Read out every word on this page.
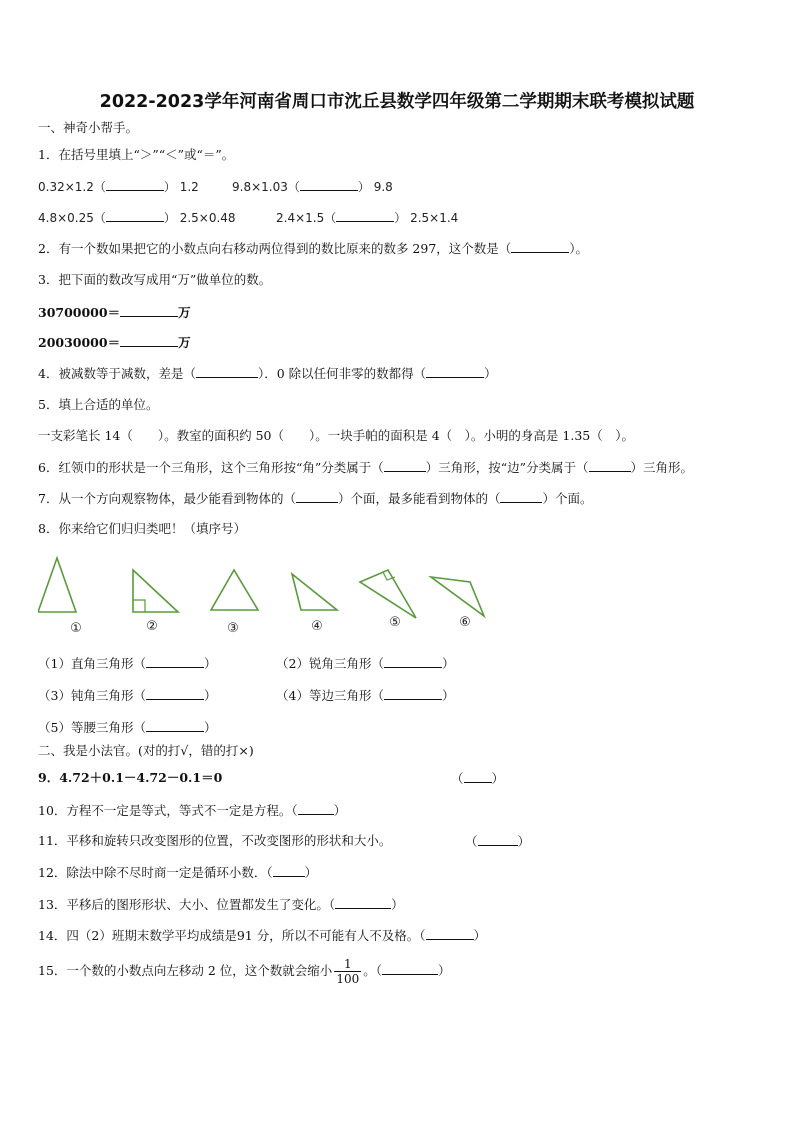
2022-2023学年河南省周口市沈丘县数学四年级第二学期期末联考模拟试题
一、神奇小帮手。
1．在括号里填上“＞”“＜”或“＝”。
0.32×1.2（	） 1.2	9.8×1.03（	） 9.8
4.8×0.25（	） 2.5×0.48	2.4×1.5（	） 2.5×1.4
2．有一个数如果把它的小数点向右移动两位得到的数比原来的数多 297，这个数是（	）。
3．把下面的数改写成用“万”做单位的数。
30700000＝	万
20030000＝	万
4．被减数等于减数，差是（	）．0 除以任何非零的数都得（	）
5．填上合适的单位。
一支彩笔长 14（　　）。教室的面积约 50（　　）。一块手帕的面积是 4（　）。小明的身高是 1.35（　）。
6．红领巾的形状是一个三角形，这个三角形按“角”分类属于（	）三角形，按“边”分类属于（	）三角形。
7．从一个方向观察物体，最少能看到物体的（	）个面，最多能看到物体的（	）个面。
8．你来给它们归归类吧！（填序号）
①	②	③	④	⑤	⑥
（1）直角三角形（	）	（2）锐角三角形（	）
（3）钝角三角形（	）	（4）等边三角形（	）
（5）等腰三角形（	）
二、我是小法官。(对的打√，错的打×)
9．4.72＋0.1－4.72－0.1＝0	（ ）
10．方程不一定是等式，等式不一定是方程。（	）
11．平移和旋转只改变图形的位置，不改变图形的形状和大小。	（	）
12．除法中除不尽时商一定是循环小数．（	）
13．平移后的图形形状、大小、位置都发生了变化。（	）
14．四（2）班期末数学平均成绩是91 分，所以不可能有人不及格。（	）
15．一个数的小数点向左移动 2 位，这个数就会缩小 $\frac{1}{100}$ 。（	）
